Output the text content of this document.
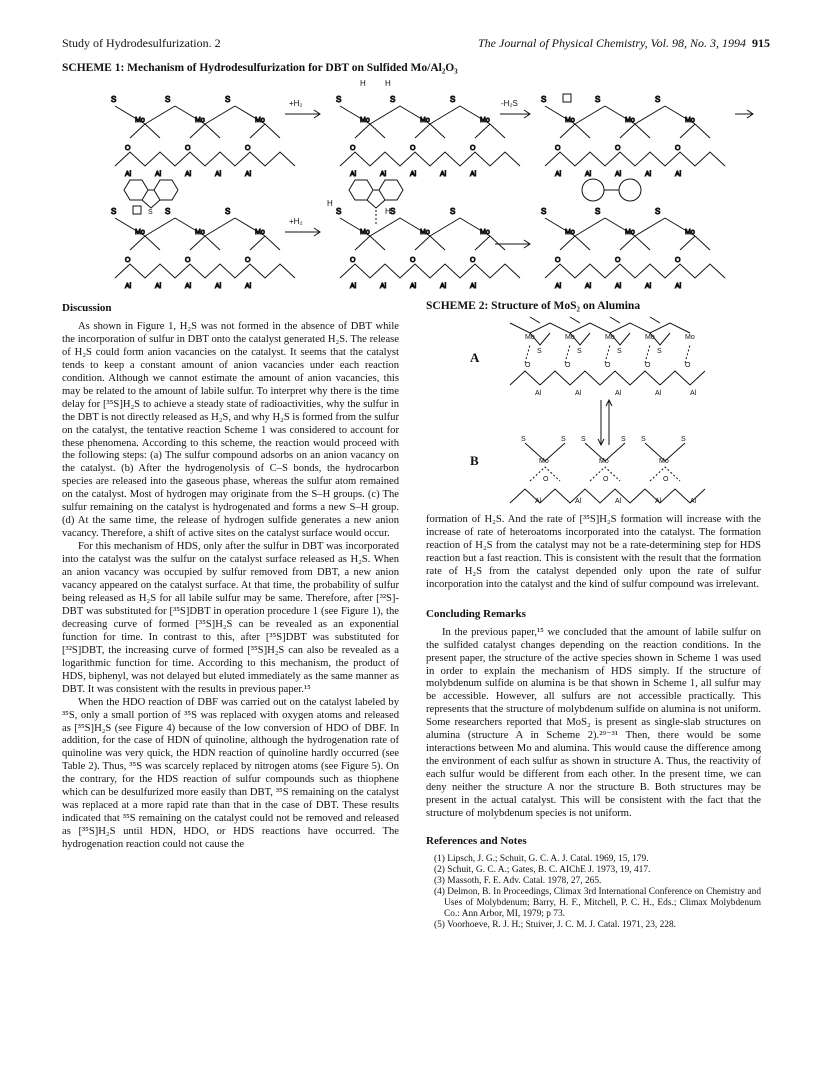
Study of Hydrodesulfurization. 2	The Journal of Physical Chemistry, Vol. 98, No. 3, 1994 915
SCHEME 1: Mechanism of Hydrodesulfurization for DBT on Sulfided Mo/Al₂O₃
S
Mo
S
Mo
S
Mo
O	O	O
Al	Al	Al	Al	Al
S
Mo
S
Mo
S
Mo
O	O	O
Al	Al	Al	Al	Al
S
Mo
S
Mo
S
Mo
O	O	O
Al	Al	Al	Al	Al
S
S
Mo
S
Mo
S
Mo
O	O	O
Al	Al	Al	Al	Al
S
Mo
S
Mo
S
Mo
O	O	O
Al	Al	Al	Al	Al
S
Mo
S
Mo
S
Mo
O	O	O
Al	Al	Al	Al	Al
+H₂	-H₂S
+H₂
H H
H
H
Discussion

As shown in Figure 1, H₂S was not formed in the absence of DBT while the incorporation of sulfur in DBT onto the catalyst generated H₂S. The release of H₂S could form anion vacancies on the catalyst. It seems that the catalyst tends to keep a constant amount of anion vacancies under each reaction condition. Although we cannot estimate the amount of anion vacancies, this may be related to the amount of labile sulfur. To interpret why there is the time delay for [³⁵S]H₂S to achieve a steady state of radioactivities, why the sulfur in the DBT is not directly released as H₂S, and why H₂S is formed from the sulfur on the catalyst, the tentative reaction Scheme 1 was considered to account for these phenomena. According to this scheme, the reaction would proceed with the following steps: (a) The sulfur compound adsorbs on an anion vacancy on the catalyst. (b) After the hydrogenolysis of C–S bonds, the hydrocarbon species are released into the gaseous phase, whereas the sulfur atom remained on the catalyst. Most of hydrogen may originate from the S–H groups. (c) The sulfur remaining on the catalyst is hydrogenated and forms a new S–H group. (d) At the same time, the release of hydrogen sulfide generates a new anion vacancy. Therefore, a shift of active sites on the catalyst surface would occur.

For this mechanism of HDS, only after the sulfur in DBT was incorporated into the catalyst was the sulfur on the catalyst surface released as H₂S. When an anion vacancy was occupied by sulfur removed from DBT, a new anion vacancy appeared on the catalyst surface. At that time, the probability of sulfur being released as H₂S for all labile sulfur may be same. Therefore, after [³²S]-DBT was substituted for [³⁵S]DBT in operation procedure 1 (see Figure 1), the decreasing curve of formed [³⁵S]H₂S can be revealed as an exponential function for time. In contrast to this, after [³⁵S]DBT was substituted for [³²S]DBT, the increasing curve of formed [³⁵S]H₂S can also be revealed as a logarithmic function for time. According to this mechanism, the product of HDS, biphenyl, was not delayed but eluted immediately as the same manner as DBT. It was consistent with the results in previous paper.¹⁵

When the HDO reaction of DBF was carried out on the catalyst labeled by ³⁵S, only a small portion of ³⁵S was replaced with oxygen atoms and released as [³⁵S]H₂S (see Figure 4) because of the low conversion of HDO of DBF. In addition, for the case of HDN of quinoline, although the hydrogenation rate of quinoline was very quick, the HDN reaction of quinoline hardly occurred (see Table 2). Thus, ³⁵S was scarcely replaced by nitrogen atoms (see Figure 5). On the contrary, for the HDS reaction of sulfur compounds such as thiophene which can be desulfurized more easily than DBT, ³⁵S remaining on the catalyst was replaced at a more rapid rate than that in the case of DBT. These results indicated that ³⁵S remaining on the catalyst could not be removed and released as [³⁵S]H₂S until HDN, HDO, or HDS reactions have occurred. The hydrogenation reaction could not cause the

SCHEME 2: Structure of MoS₂ on Alumina
A
B
Mo	Mo	Mo	Mo	Mo
S	S	S	S
O	O	O	O	O
Al	Al	Al	Al	Al
S	S S	S S	S
Mo	Mo	Mo
O	O	O
Al	Al	Al	Al	Al
formation of H₂S. And the rate of [³⁵S]H₂S formation will increase with the increase of rate of heteroatoms incorporated into the catalyst. The formation reaction of H₂S from the catalyst may not be a rate-determining step for HDS reaction but a fast reaction. This is consistent with the result that the formation rate of H₂S from the catalyst depended only upon the rate of sulfur incorporation into the catalyst and the kind of sulfur compound was irrelevant.
Concluding Remarks

In the previous paper,¹⁵ we concluded that the amount of labile sulfur on the sulfided catalyst changes depending on the reaction conditions. In the present paper, the structure of the active species shown in Scheme 1 was used in order to explain the mechanism of HDS simply. If the structure of molybdenum sulfide on alumina is be that shown in Scheme 1, all sulfur may be accessible. However, all sulfurs are not accessible practically. This represents that the structure of molybdenum sulfide on alumina is not uniform. Some researchers reported that MoS₂ is present as single-slab structures on alumina (structure A in Scheme 2).²⁹⁻³¹ Then, there would be some interactions between Mo and alumina. This would cause the difference among the environment of each sulfur as shown in structure A. Thus, the reactivity of each sulfur would be different from each other. In the present time, we can deny neither the structure A nor the structure B. Both structures may be present in the actual catalyst. This will be consistent with the fact that the structure of molybdenum species is not uniform.

References and Notes
(1) Lipsch, J. G.; Schuit, G. C. A. J. Catal. 1969, 15, 179.
(2) Schuit, G. C. A.; Gates, B. C. AIChE J. 1973, 19, 417.
(3) Massoth, F. E. Adv. Catal. 1978, 27, 265.
(4) Delmon, B. In Proceedings, Climax 3rd International Conference on Chemistry and Uses of Molybdenum; Barry, H. F., Mitchell, P. C. H., Eds.; Climax Molybdenum Co.: Ann Arbor, MI, 1979; p 73.
(5) Voorhoeve, R. J. H.; Stuiver, J. C. M. J. Catal. 1971, 23, 228.
